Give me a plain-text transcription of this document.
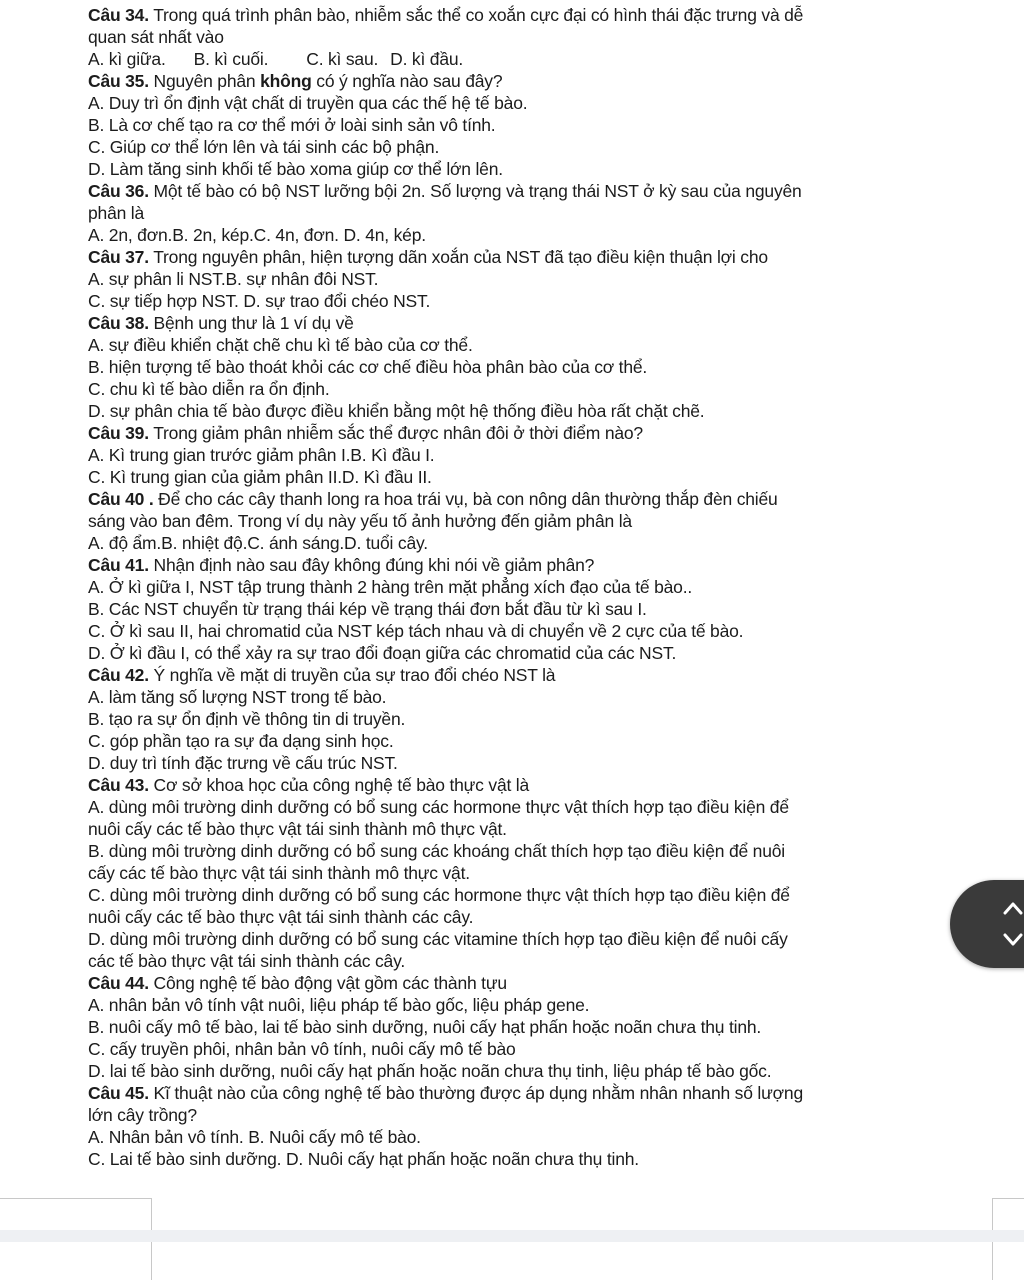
Câu 34. Trong quá trình phân bào, nhiễm sắc thể co xoắn cực đại có hình thái đặc trưng và dễ
quan sát nhất vào
A. kì giữa. B. kì cuối. C. kì sau. D. kì đầu.
Câu 35. Nguyên phân không có ý nghĩa nào sau đây?
A. Duy trì ổn định vật chất di truyền qua các thế hệ tế bào.
B. Là cơ chế tạo ra cơ thể mới ở loài sinh sản vô tính.
C. Giúp cơ thể lớn lên và tái sinh các bộ phận.
D. Làm tăng sinh khối tế bào xoma giúp cơ thể lớn lên.
Câu 36. Một tế bào có bộ NST lưỡng bội 2n. Số lượng và trạng thái NST ở kỳ sau của nguyên
phân là
A. 2n, đơn.B. 2n, kép.C. 4n, đơn. D. 4n, kép.
Câu 37. Trong nguyên phân, hiện tượng dãn xoắn của NST đã tạo điều kiện thuận lợi cho
A. sự phân li NST.B. sự nhân đôi NST.
C. sự tiếp hợp NST. D. sự trao đổi chéo NST.
Câu 38. Bệnh ung thư là 1 ví dụ về
A. sự điều khiển chặt chẽ chu kì tế bào của cơ thể.
B. hiện tượng tế bào thoát khỏi các cơ chế điều hòa phân bào của cơ thể.
C. chu kì tế bào diễn ra ổn định.
D. sự phân chia tế bào được điều khiển bằng một hệ thống điều hòa rất chặt chẽ.
Câu 39. Trong giảm phân nhiễm sắc thể được nhân đôi ở thời điểm nào?
A. Kì trung gian trước giảm phân I.B. Kì đầu I.
C. Kì trung gian của giảm phân II.D. Kì đầu II.
Câu 40 . Để cho các cây thanh long ra hoa trái vụ, bà con nông dân thường thắp đèn chiếu
sáng vào ban đêm. Trong ví dụ này yếu tố ảnh hưởng đến giảm phân là
A. độ ẩm.B. nhiệt độ.C. ánh sáng.D. tuổi cây.
Câu 41. Nhận định nào sau đây không đúng khi nói về giảm phân?
A. Ở kì giữa I, NST tập trung thành 2 hàng trên mặt phẳng xích đạo của tế bào..
B. Các NST chuyển từ trạng thái kép về trạng thái đơn bắt đầu từ kì sau I.
C. Ở kì sau II, hai chromatid của NST kép tách nhau và di chuyển về 2 cực của tế bào.
D. Ở kì đầu I, có thể xảy ra sự trao đổi đoạn giữa các chromatid của các NST.
Câu 42. Ý nghĩa về mặt di truyền của sự trao đổi chéo NST là
A. làm tăng số lượng NST trong tế bào.
B. tạo ra sự ổn định về thông tin di truyền.
C. góp phần tạo ra sự đa dạng sinh học.
D. duy trì tính đặc trưng về cấu trúc NST.
Câu 43. Cơ sở khoa học của công nghệ tế bào thực vật là
A. dùng môi trường dinh dưỡng có bổ sung các hormone thực vật thích hợp tạo điều kiện để
nuôi cấy các tế bào thực vật tái sinh thành mô thực vật.
B. dùng môi trường dinh dưỡng có bổ sung các khoáng chất thích hợp tạo điều kiện để nuôi
cấy các tế bào thực vật tái sinh thành mô thực vật.
C. dùng môi trường dinh dưỡng có bổ sung các hormone thực vật thích hợp tạo điều kiện để
nuôi cấy các tế bào thực vật tái sinh thành các cây.
D. dùng môi trường dinh dưỡng có bổ sung các vitamine thích hợp tạo điều kiện để nuôi cấy
các tế bào thực vật tái sinh thành các cây.
Câu 44. Công nghệ tế bào động vật gồm các thành tựu
A. nhân bản vô tính vật nuôi, liệu pháp tế bào gốc, liệu pháp gene.
B. nuôi cấy mô tế bào, lai tế bào sinh dưỡng, nuôi cấy hạt phấn hoặc noãn chưa thụ tinh.
C. cấy truyền phôi, nhân bản vô tính, nuôi cấy mô tế bào
D. lai tế bào sinh dưỡng, nuôi cấy hạt phấn hoặc noãn chưa thụ tinh, liệu pháp tế bào gốc.
Câu 45. Kĩ thuật nào của công nghệ tế bào thường được áp dụng nhằm nhân nhanh số lượng
lớn cây trồng?
A. Nhân bản vô tính. B. Nuôi cấy mô tế bào.
C. Lai tế bào sinh dưỡng. D. Nuôi cấy hạt phấn hoặc noãn chưa thụ tinh.
